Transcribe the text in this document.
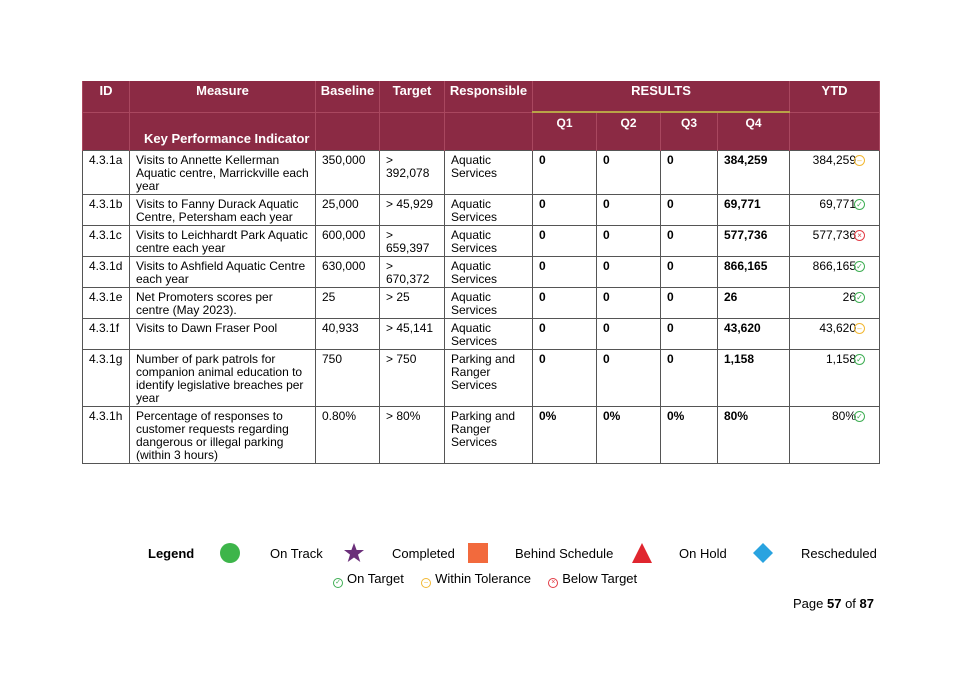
ID	Measure	Baseline	Target	Responsible	RESULTS				YTD
	Key Performance Indicator				Q1	Q2	Q3	Q4	
4.3.1a	Visits to Annette Kellerman Aquatic centre, Marrickville each year	350,000	> 392,078	Aquatic Services	0	0	0	384,259	384,259 –

4.3.1b	Visits to Fanny Durack Aquatic Centre, Petersham each year	25,000	> 45,929	Aquatic Services	0	0	0	69,771	69,771 ✓

4.3.1c	Visits to Leichhardt Park Aquatic centre each year	600,000	> 659,397	Aquatic Services	0	0	0	577,736	577,736 ×

4.3.1d	Visits to Ashfield Aquatic Centre each year	630,000	> 670,372	Aquatic Services	0	0	0	866,165	866,165 ✓

4.3.1e	Net Promoters scores per centre (May 2023).	25	> 25	Aquatic Services	0	0	0	26	26 ✓

4.3.1f	Visits to Dawn Fraser Pool	40,933	> 45,141	Aquatic Services	0	0	0	43,620	43,620 –

4.3.1g	Number of park patrols for companion animal education to identify legislative breaches per year	750	> 750	Parking and Ranger Services	0	0	0	1,158	1,158 ✓

4.3.1h	Percentage of responses to customer requests regarding dangerous or illegal parking (within 3 hours)	0.80%	> 80%	Parking and Ranger Services	0%	0%	0%	80%	80% ✓
Legend	On Track	Completed	Behind Schedule	On Hold	Rescheduled
✓ On Target	– Within Tolerance	× Below Target
Page 57 of 87
